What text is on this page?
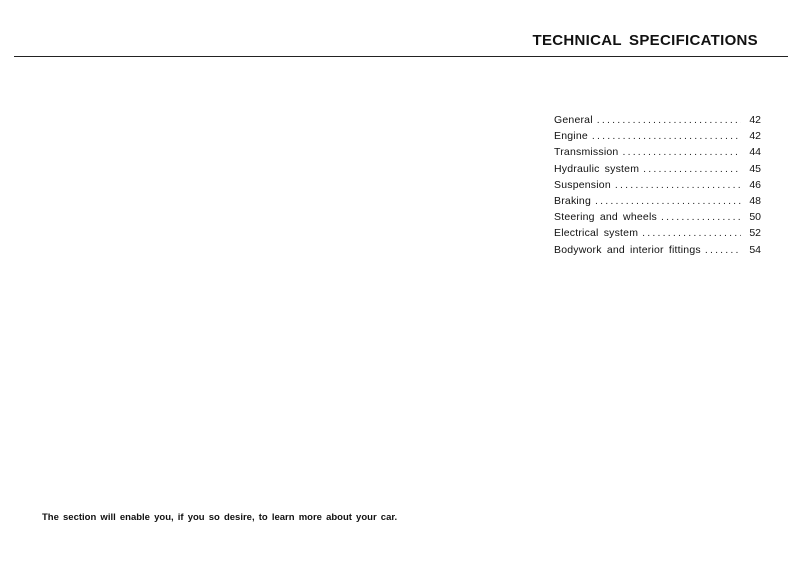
TECHNICAL SPECIFICATIONS
General .....	42
Engine .....	42
Transmission .....	44
Hydraulic system .....	45
Suspension .....	46
Braking .....	48
Steering and wheels .....	50
Electrical system .....	52
Bodywork and interior fittings .....	54
The section will enable you, if you so desire, to learn more about your car.
